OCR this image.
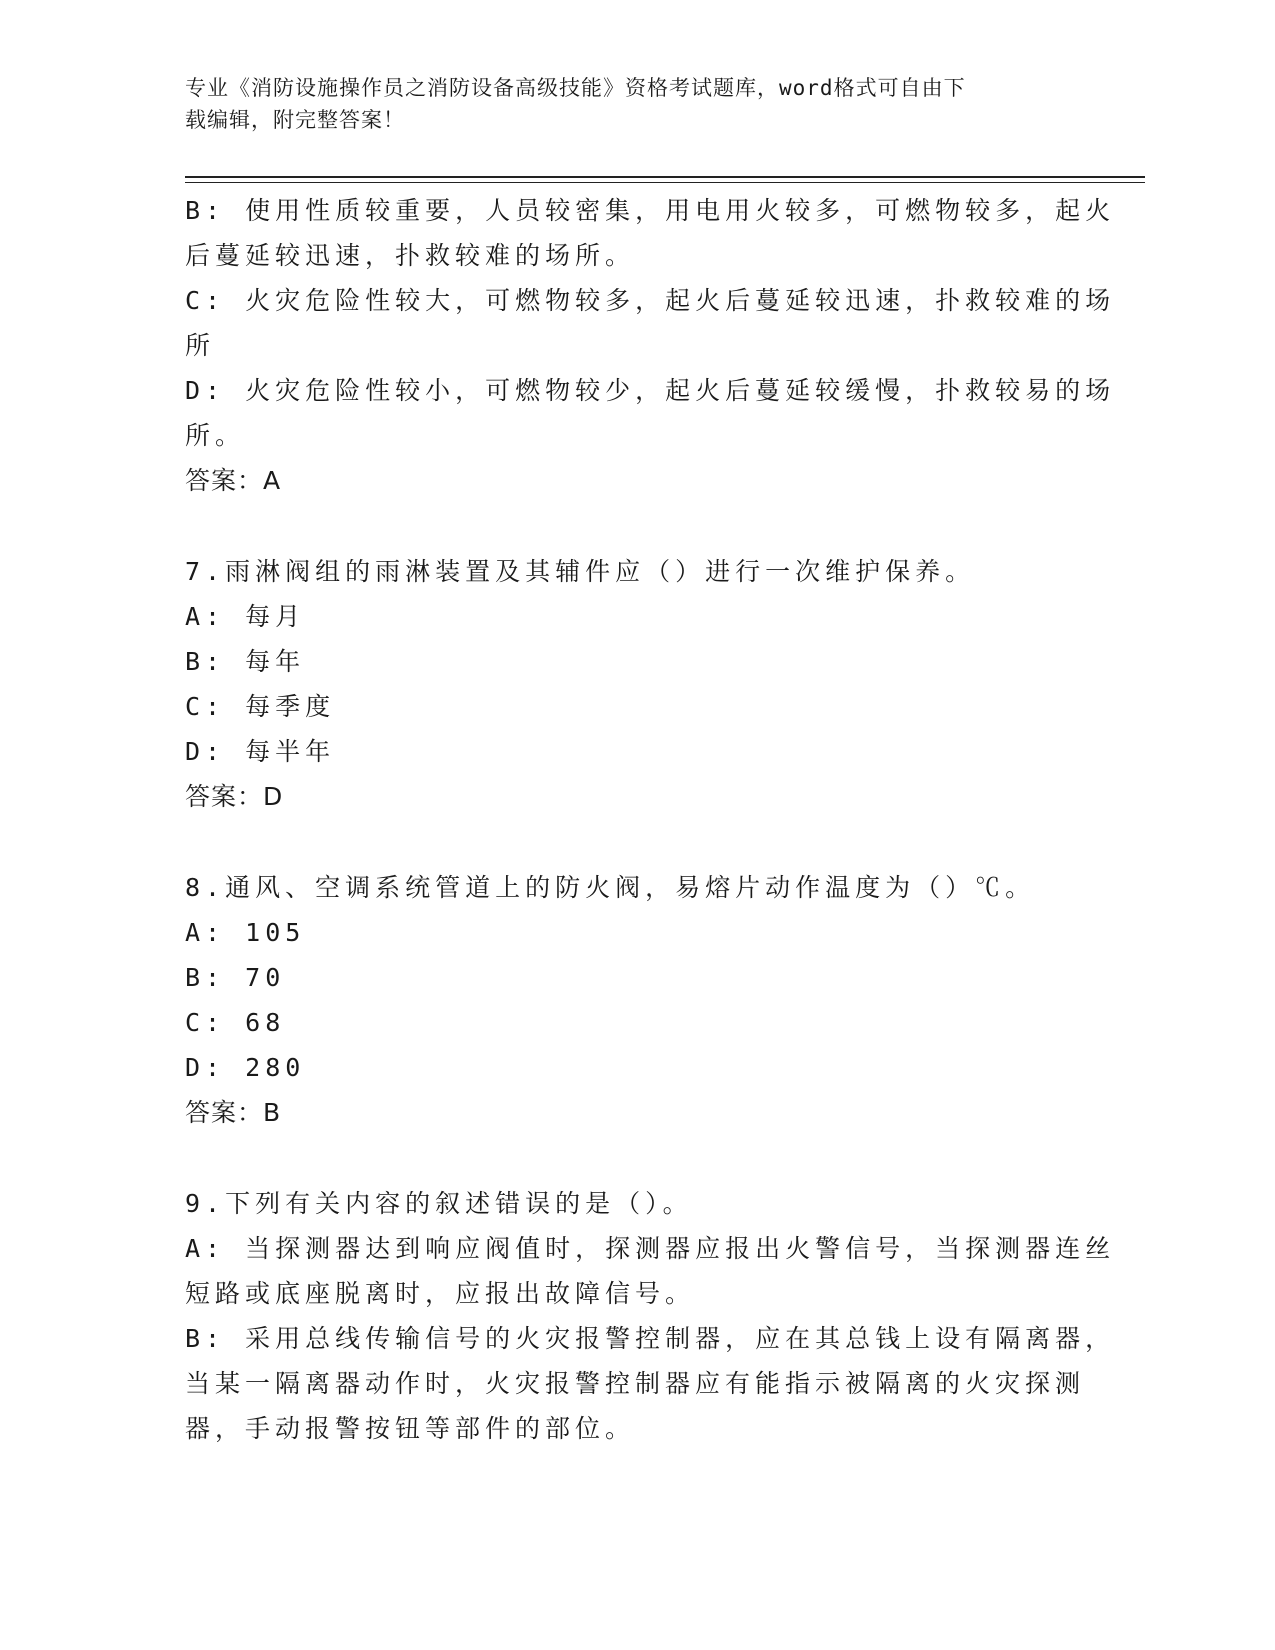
专业《消防设施操作员之消防设备高级技能》资格考试题库，word格式可自由下
载编辑，附完整答案！
B: 使用性质较重要，人员较密集，用电用火较多，可燃物较多，起火
后蔓延较迅速，扑救较难的场所。
C: 火灾危险性较大，可燃物较多，起火后蔓延较迅速，扑救较难的场
所
D: 火灾危险性较小，可燃物较少，起火后蔓延较缓慢，扑救较易的场
所。
答案：A
7.雨淋阀组的雨淋装置及其辅件应（）进行一次维护保养。
A: 每月
B: 每年
C: 每季度
D: 每半年
答案：D
8.通风、空调系统管道上的防火阀，易熔片动作温度为（）℃。
A: 105
B: 70
C: 68
D: 280
答案：B
9.下列有关内容的叙述错误的是（）。
A: 当探测器达到响应阀值时，探测器应报出火警信号，当探测器连丝
短路或底座脱离时，应报出故障信号。
B: 采用总线传输信号的火灾报警控制器，应在其总钱上设有隔离器，
当某一隔离器动作时，火灾报警控制器应有能指示被隔离的火灾探测
器，手动报警按钮等部件的部位。
